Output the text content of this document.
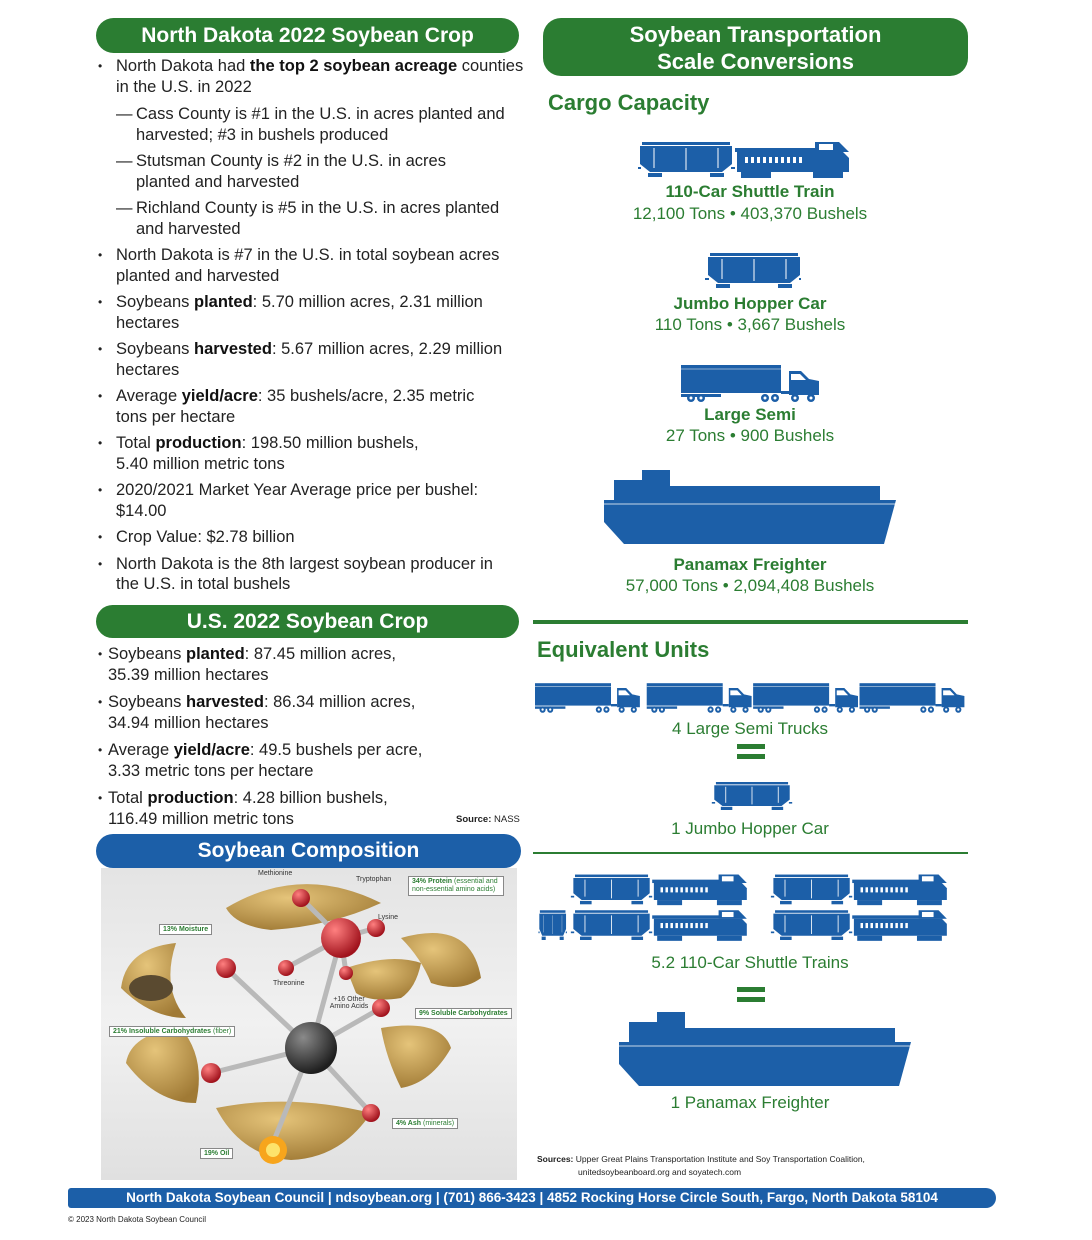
North Dakota 2022 Soybean Crop
• North Dakota had the top 2 soybean acreage counties in the U.S. in 2022
— Cass County is #1 in the U.S. in acres planted and harvested; #3 in bushels produced
— Stutsman County is #2 in the U.S. in acres planted and harvested
— Richland County is #5 in the U.S. in acres planted and harvested
• North Dakota is #7 in the U.S. in total soybean acres planted and harvested
• Soybeans planted: 5.70 million acres, 2.31 million hectares
• Soybeans harvested: 5.67 million acres, 2.29 million hectares
• Average yield/acre: 35 bushels/acre, 2.35 metric tons per hectare
• Total production: 198.50 million bushels, 5.40 million metric tons
• 2020/2021 Market Year Average price per bushel: $14.00
• Crop Value: $2.78 billion
• North Dakota is the 8th largest soybean producer in the U.S. in total bushels
U.S. 2022 Soybean Crop
• Soybeans planted: 87.45 million acres, 35.39 million hectares
• Soybeans harvested: 86.34 million acres, 34.94 million hectares
• Average yield/acre: 49.5 bushels per acre, 3.33 metric tons per hectare
• Total production: 4.28 billion bushels, 116.49 million metric tons	Source: NASS
Soybean Composition
Methionine
Tryptophan	34% Protein (essential and non-essential amino acids)
Lysine
13% Moisture
Threonine
+16 Other Amino Acids
9% Soluble Carbohydrates
21% Insoluble Carbohydrates (fiber)
4% Ash (minerals)
19% Oil
Soybean Transportation
Scale Conversions
Cargo Capacity
110-Car Shuttle Train
12,100 Tons • 403,370 Bushels
Jumbo Hopper Car
110 Tons • 3,667 Bushels
Large Semi
27 Tons • 900 Bushels
Panamax Freighter
57,000 Tons • 2,094,408 Bushels
Equivalent Units
4 Large Semi Trucks
1 Jumbo Hopper Car
5.2 110-Car Shuttle Trains
1 Panamax Freighter
Sources: Upper Great Plains Transportation Institute and Soy Transportation Coalition,
unitedsoybeanboard.org and soyatech.com
North Dakota Soybean Council | ndsoybean.org | (701) 866-3423 | 4852 Rocking Horse Circle South, Fargo, North Dakota 58104
© 2023 North Dakota Soybean Council
